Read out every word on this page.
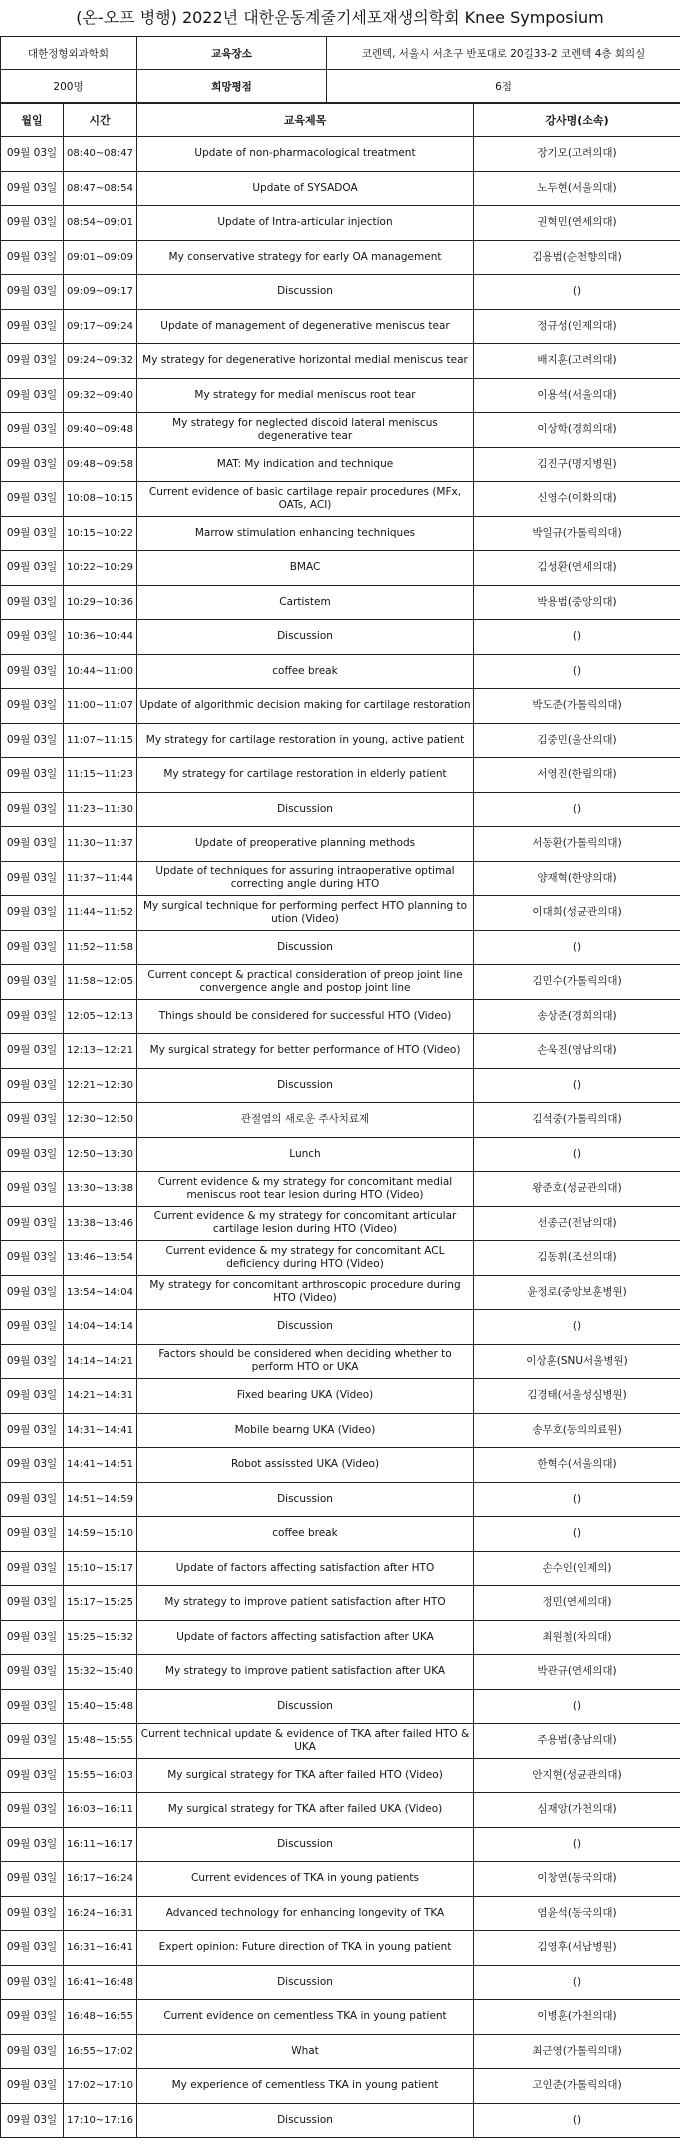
(온-오프 병행) 2022년 대한운동계줄기세포재생의학회 Knee Symposium
대한정형외과학회	교육장소	코렌텍, 서울시 서초구 반포대로 20길33-2 코렌텍 4층 회의실
200명	희망평점	6점
월일	시간	교육제목	강사명(소속)
09월 03일	08:40~08:47	Update of non-pharmacological treatment	장기모(고려의대)
09월 03일	08:47~08:54	Update of SYSADOA	노두현(서울의대)
09월 03일	08:54~09:01	Update of Intra-articular injection	권혁민(연세의대)
09월 03일	09:01~09:09	My conservative strategy for early OA management	김용범(순천향의대)
09월 03일	09:09~09:17	Discussion	()
09월 03일	09:17~09:24	Update of management of degenerative meniscus tear	정규성(인제의대)
09월 03일	09:24~09:32	My strategy for degenerative horizontal medial meniscus tear	배지훈(고려의대)
09월 03일	09:32~09:40	My strategy for medial meniscus root tear	이용석(서울의대)
09월 03일	09:40~09:48	My strategy for neglected discoid lateral meniscus degenerative tear	이상학(경희의대)
09월 03일	09:48~09:58	MAT: My indication and technique	김진구(명지병원)
09월 03일	10:08~10:15	Current evidence of basic cartilage repair procedures (MFx, OATs, ACI)	신영수(이화의대)
09월 03일	10:15~10:22	Marrow stimulation enhancing techniques	박일규(가톨릭의대)
09월 03일	10:22~10:29	BMAC	김성환(연세의대)
09월 03일	10:29~10:36	Cartistem	박용범(중앙의대)
09월 03일	10:36~10:44	Discussion	()
09월 03일	10:44~11:00	coffee break	()
09월 03일	11:00~11:07	Update of algorithmic decision making for cartilage restoration	박도준(가톨릭의대)
09월 03일	11:07~11:15	My strategy for cartilage restoration in young, active patient	김중민(울산의대)
09월 03일	11:15~11:23	My strategy for cartilage restoration in elderly patient	서영진(한림의대)
09월 03일	11:23~11:30	Discussion	()
09월 03일	11:30~11:37	Update of preoperative planning methods	서동환(가톨릭의대)
09월 03일	11:37~11:44	Update of techniques for assuring intraoperative optimal correcting angle during HTO	양재혁(한양의대)
09월 03일	11:44~11:52	My surgical technique for performing perfect HTO planning to ution (Video)	이대희(성균관의대)
09월 03일	11:52~11:58	Discussion	()
09월 03일	11:58~12:05	Current concept & practical consideration of preop joint line convergence angle and postop joint line	김민수(가톨릭의대)
09월 03일	12:05~12:13	Things should be considered for successful HTO (Video)	송상준(경희의대)
09월 03일	12:13~12:21	My surgical strategy for better performance of HTO (Video)	손욱진(영남의대)
09월 03일	12:21~12:30	Discussion	()
09월 03일	12:30~12:50	관절염의 새로운 주사치료제	김석중(가톨릭의대)
09월 03일	12:50~13:30	Lunch	()
09월 03일	13:30~13:38	Current evidence & my strategy for concomitant medial meniscus root tear lesion during HTO (Video)	왕준호(성균관의대)
09월 03일	13:38~13:46	Current evidence & my strategy for concomitant articular cartilage lesion during HTO (Video)	선종근(전남의대)
09월 03일	13:46~13:54	Current evidence & my strategy for concomitant ACL deficiency during HTO (Video)	김동휘(조선의대)
09월 03일	13:54~14:04	My strategy for concomitant arthroscopic procedure during HTO (Video)	윤정로(중앙보훈병원)
09월 03일	14:04~14:14	Discussion	()
09월 03일	14:14~14:21	Factors should be considered when deciding whether to perform HTO or UKA	이상훈(SNU서울병원)
09월 03일	14:21~14:31	Fixed bearing UKA (Video)	김경태(서울성심병원)
09월 03일	14:31~14:41	Mobile bearng UKA (Video)	송무호(동의의료원)
09월 03일	14:41~14:51	Robot assissted UKA (Video)	한혁수(서울의대)
09월 03일	14:51~14:59	Discussion	()
09월 03일	14:59~15:10	coffee break	()
09월 03일	15:10~15:17	Update of factors affecting satisfaction after HTO	손수인(인제의)
09월 03일	15:17~15:25	My strategy to improve patient satisfaction after HTO	정민(연세의대)
09월 03일	15:25~15:32	Update of factors affecting satisfaction after UKA	최원철(차의대)
09월 03일	15:32~15:40	My strategy to improve patient satisfaction after UKA	박관규(연세의대)
09월 03일	15:40~15:48	Discussion	()
09월 03일	15:48~15:55	Current technical update & evidence of TKA after failed HTO & UKA	주용범(충남의대)
09월 03일	15:55~16:03	My surgical strategy for TKA after failed HTO (Video)	안지현(성균관의대)
09월 03일	16:03~16:11	My surgical strategy for TKA after failed UKA (Video)	심재앙(가천의대)
09월 03일	16:11~16:17	Discussion	()
09월 03일	16:17~16:24	Current evidences of TKA in young patients	이창연(동국의대)
09월 03일	16:24~16:31	Advanced technology for enhancing longevity of TKA	염윤석(동국의대)
09월 03일	16:31~16:41	Expert opinion: Future direction of TKA in young patient	김영후(서남병원)
09월 03일	16:41~16:48	Discussion	()
09월 03일	16:48~16:55	Current evidence on cementless TKA in young patient	이병훈(가천의대)
09월 03일	16:55~17:02	What	최근영(가톨릭의대)
09월 03일	17:02~17:10	My experience of cementless TKA in young patient	고인준(가톨릭의대)
09월 03일	17:10~17:16	Discussion	()
